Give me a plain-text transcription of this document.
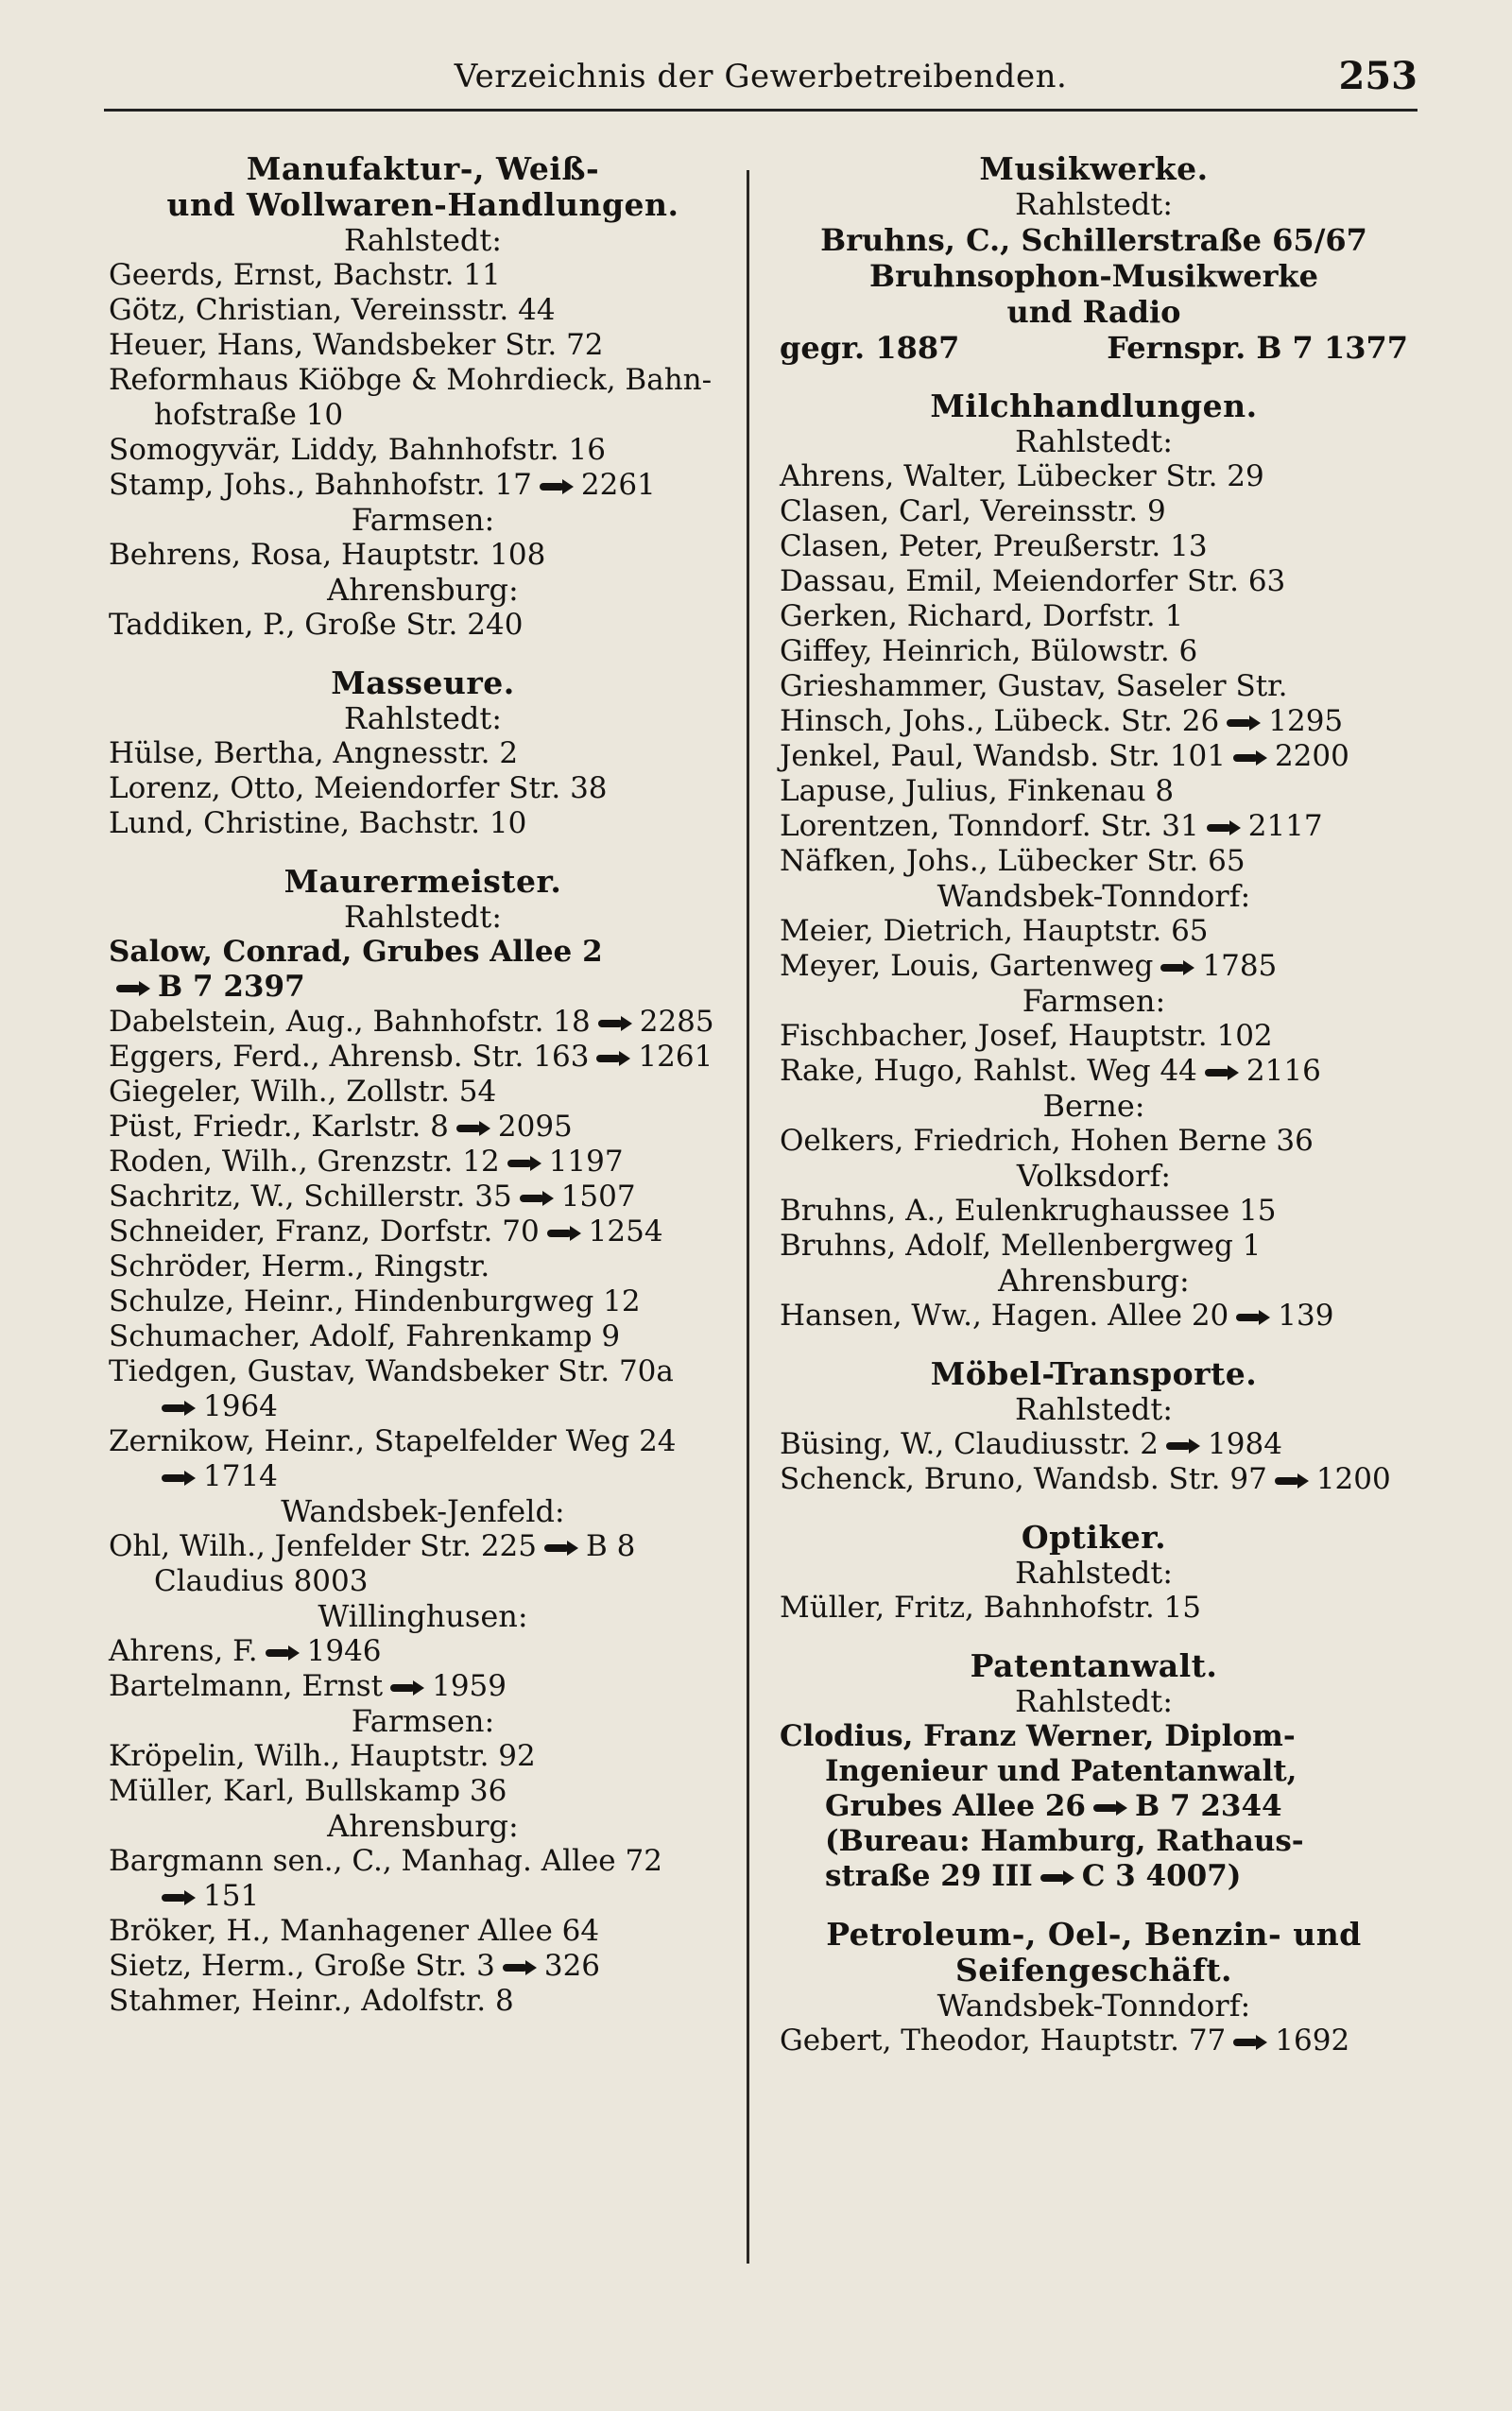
Verzeichnis der Gewerbetreibenden.	253
Manufaktur-, Weiß-
und Wollwaren-Handlungen.
Rahlstedt:
Geerds, Ernst, Bachstr. 11
Götz, Christian, Vereinsstr. 44
Heuer, Hans, Wandsbeker Str. 72
Reformhaus Kiöbge & Mohrdieck, Bahn-
hofstraße 10
Somogyvär, Liddy, Bahnhofstr. 16
Stamp, Johs., Bahnhofstr. 17 2261
Farmsen:
Behrens, Rosa, Hauptstr. 108
Ahrensburg:
Taddiken, P., Große Str. 240
Masseure.
Rahlstedt:
Hülse, Bertha, Angnesstr. 2
Lorenz, Otto, Meiendorfer Str. 38
Lund, Christine, Bachstr. 10
Maurermeister.
Rahlstedt:
Salow, Conrad, Grubes Allee 2
B 7 2397
Dabelstein, Aug., Bahnhofstr. 18 2285
Eggers, Ferd., Ahrensb. Str. 163 1261
Giegeler, Wilh., Zollstr. 54
Püst, Friedr., Karlstr. 8 2095
Roden, Wilh., Grenzstr. 12 1197
Sachritz, W., Schillerstr. 35 1507
Schneider, Franz, Dorfstr. 70 1254
Schröder, Herm., Ringstr.
Schulze, Heinr., Hindenburgweg 12
Schumacher, Adolf, Fahrenkamp 9
Tiedgen, Gustav, Wandsbeker Str. 70a
1964
Zernikow, Heinr., Stapelfelder Weg 24
1714
Wandsbek-Jenfeld:
Ohl, Wilh., Jenfelder Str. 225 B 8
Claudius 8003
Willinghusen:
Ahrens, F. 1946
Bartelmann, Ernst 1959
Farmsen:
Kröpelin, Wilh., Hauptstr. 92
Müller, Karl, Bullskamp 36
Ahrensburg:
Bargmann sen., C., Manhag. Allee 72
151
Bröker, H., Manhagener Allee 64
Sietz, Herm., Große Str. 3 326
Stahmer, Heinr., Adolfstr. 8
Musikwerke.
Rahlstedt:
Bruhns, C., Schillerstraße 65/67
Bruhnsophon-Musikwerke
und Radio
gegr. 1887	Fernspr. B 7 1377
Milchhandlungen.
Rahlstedt:
Ahrens, Walter, Lübecker Str. 29
Clasen, Carl, Vereinsstr. 9
Clasen, Peter, Preußerstr. 13
Dassau, Emil, Meiendorfer Str. 63
Gerken, Richard, Dorfstr. 1
Giffey, Heinrich, Bülowstr. 6
Grieshammer, Gustav, Saseler Str.
Hinsch, Johs., Lübeck. Str. 26 1295
Jenkel, Paul, Wandsb. Str. 101 2200
Lapuse, Julius, Finkenau 8
Lorentzen, Tonndorf. Str. 31 2117
Näfken, Johs., Lübecker Str. 65
Wandsbek-Tonndorf:
Meier, Dietrich, Hauptstr. 65
Meyer, Louis, Gartenweg 1785
Farmsen:
Fischbacher, Josef, Hauptstr. 102
Rake, Hugo, Rahlst. Weg 44 2116
Berne:
Oelkers, Friedrich, Hohen Berne 36
Volksdorf:
Bruhns, A., Eulenkrughaussee 15
Bruhns, Adolf, Mellenbergweg 1
Ahrensburg:
Hansen, Ww., Hagen. Allee 20 139
Möbel-Transporte.
Rahlstedt:
Büsing, W., Claudiusstr. 2 1984
Schenck, Bruno, Wandsb. Str. 97 1200
Optiker.
Rahlstedt:
Müller, Fritz, Bahnhofstr. 15
Patentanwalt.
Rahlstedt:
Clodius, Franz Werner, Diplom-
Ingenieur und Patentanwalt,
Grubes Allee 26 B 7 2344
(Bureau: Hamburg, Rathaus-
straße 29 III C 3 4007)
Petroleum-, Oel-, Benzin- und
Seifengeschäft.
Wandsbek-Tonndorf:
Gebert, Theodor, Hauptstr. 77 1692
